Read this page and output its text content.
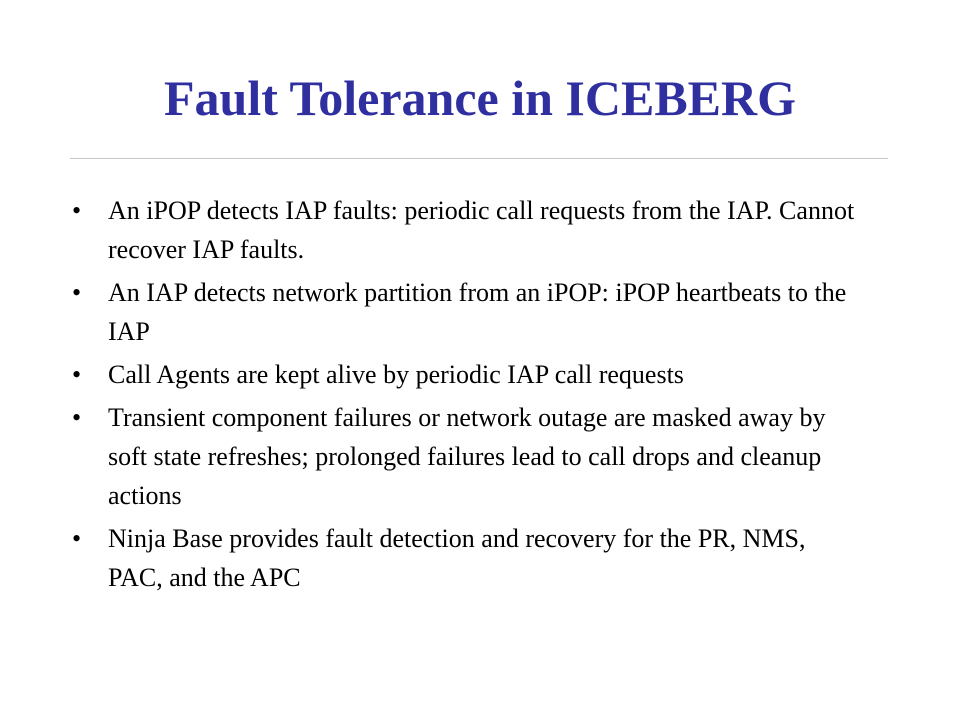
Fault Tolerance in ICEBERG
• An iPOP detects IAP faults: periodic call requests from the IAP. Cannot recover IAP faults.
• An IAP detects network partition from an iPOP: iPOP heartbeats to the IAP
• Call Agents are kept alive by periodic IAP call requests
• Transient component failures or network outage are masked away by soft state refreshes; prolonged failures lead to call drops and cleanup actions
• Ninja Base provides fault detection and recovery for the PR, NMS, PAC, and the APC
